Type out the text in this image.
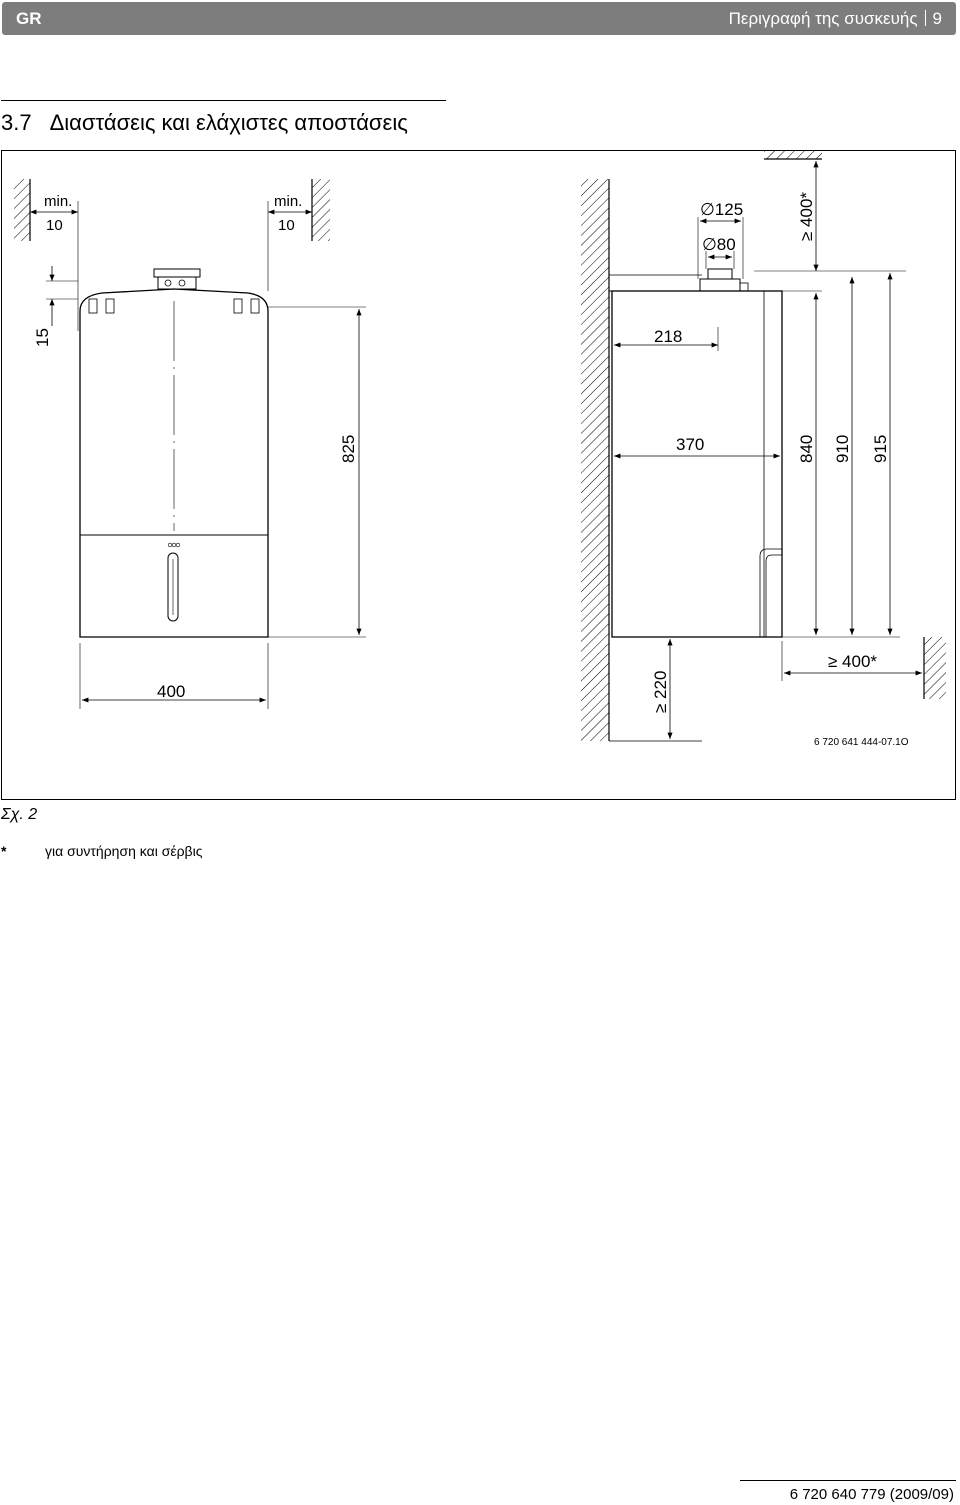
GR	Περιγραφή της συσκευής 9
3.7 Διαστάσεις και ελάχιστες αποστάσεις
min.
10
min.
10
15
825
400
∅125
∅80
≥ 400*
218
370	840 910 915
≥ 220
≥ 400*
6 720 641 444-07.1O
Σχ. 2
*	για συντήρηση και σέρβις
6 720 640 779 (2009/09)
